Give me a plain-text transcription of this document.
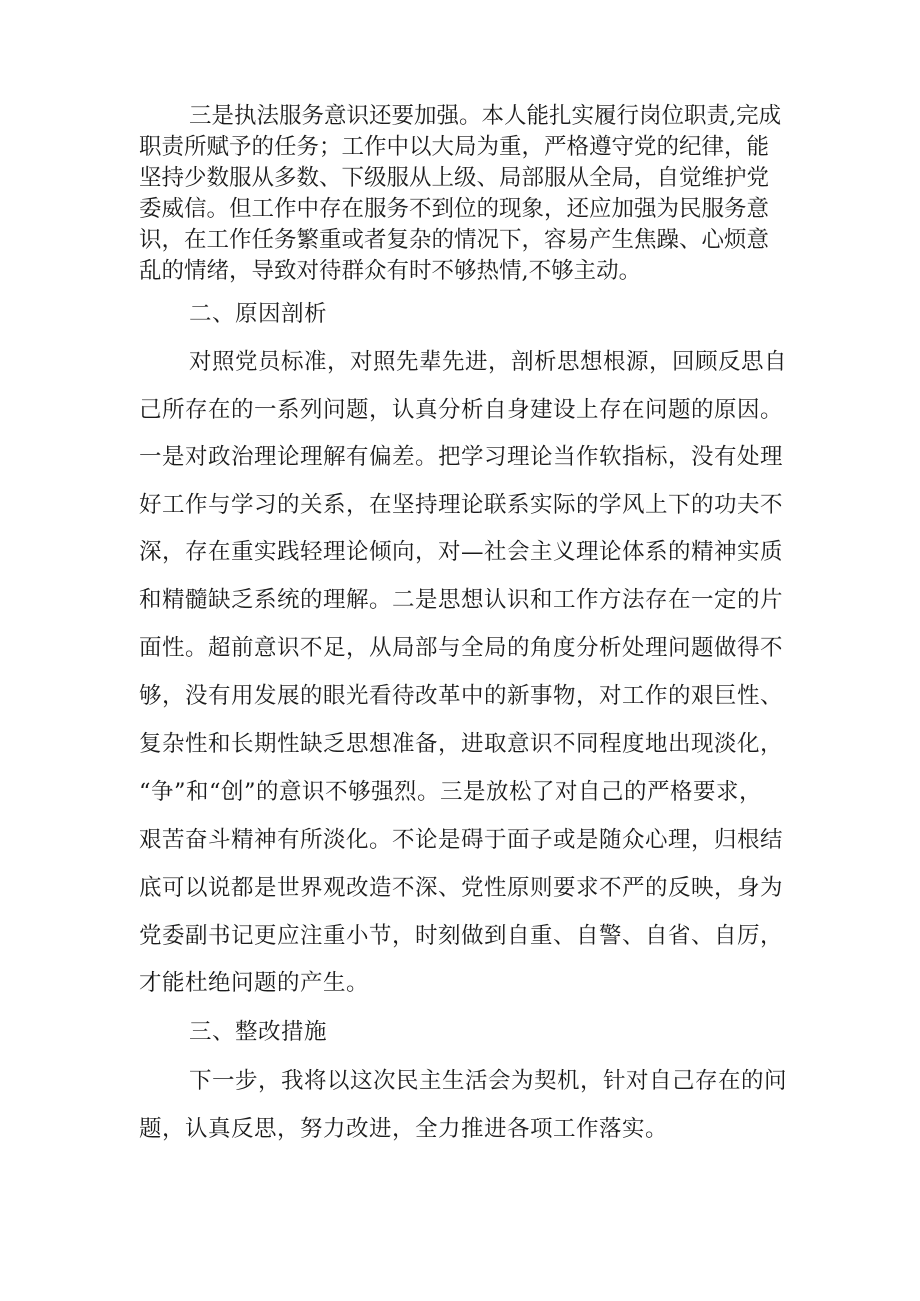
三是执法服务意识还要加强。本人能扎实履行岗位职责,完成
职责所赋予的任务；工作中以大局为重，严格遵守党的纪律，能
坚持少数服从多数、下级服从上级、局部服从全局，自觉维护党
委威信。但工作中存在服务不到位的现象，还应加强为民服务意
识，在工作任务繁重或者复杂的情况下，容易产生焦躁、心烦意
乱的情绪，导致对待群众有时不够热情,不够主动。
二、原因剖析
对照党员标准，对照先辈先进，剖析思想根源，回顾反思自
己所存在的一系列问题，认真分析自身建设上存在问题的原因。
一是对政治理论理解有偏差。把学习理论当作软指标，没有处理
好工作与学习的关系，在坚持理论联系实际的学风上下的功夫不
深，存在重实践轻理论倾向，对—社会主义理论体系的精神实质
和精髓缺乏系统的理解。二是思想认识和工作方法存在一定的片
面性。超前意识不足，从局部与全局的角度分析处理问题做得不
够，没有用发展的眼光看待改革中的新事物，对工作的艰巨性、
复杂性和长期性缺乏思想准备，进取意识不同程度地出现淡化，
“争”和“创”的意识不够强烈。三是放松了对自己的严格要求，
艰苦奋斗精神有所淡化。不论是碍于面子或是随众心理，归根结
底可以说都是世界观改造不深、党性原则要求不严的反映，身为
党委副书记更应注重小节，时刻做到自重、自警、自省、自厉，
才能杜绝问题的产生。
三、整改措施
下一步，我将以这次民主生活会为契机，针对自己存在的问
题，认真反思，努力改进，全力推进各项工作落实。
